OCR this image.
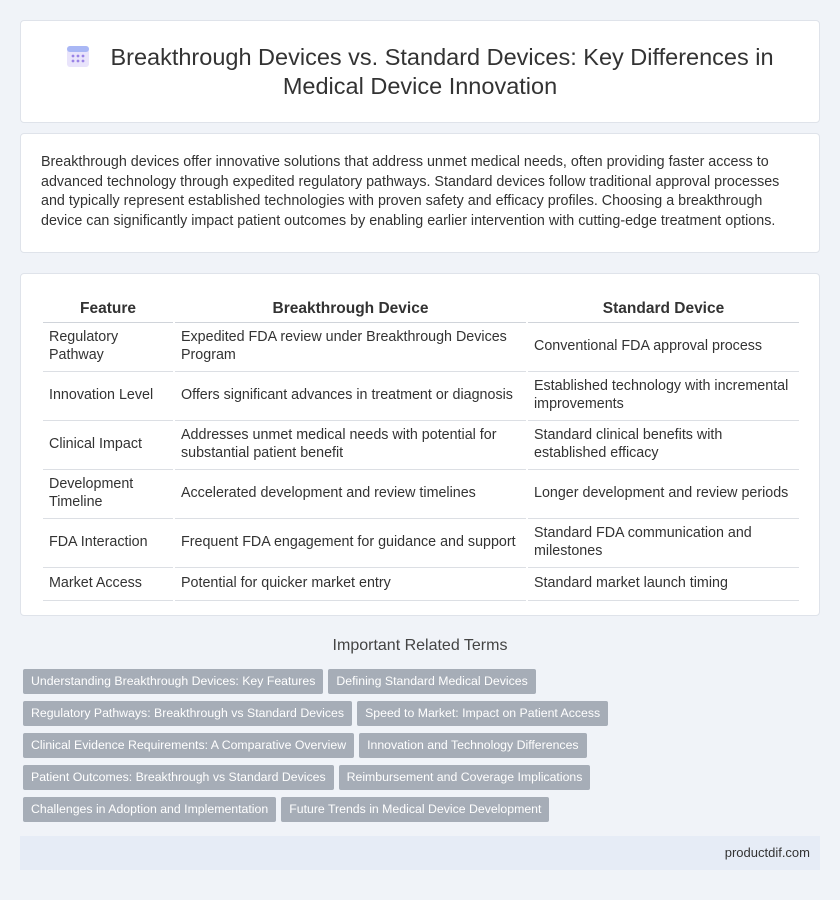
Breakthrough Devices vs. Standard Devices: Key Differences in Medical Device Innovation

Breakthrough devices offer innovative solutions that address unmet medical needs, often providing faster access to advanced technology through expedited regulatory pathways. Standard devices follow traditional approval processes and typically represent established technologies with proven safety and efficacy profiles. Choosing a breakthrough device can significantly impact patient outcomes by enabling earlier intervention with cutting-edge treatment options.

Feature	Breakthrough Device	Standard Device
Regulatory Pathway	Expedited FDA review under Breakthrough Devices Program	Conventional FDA approval process
Innovation Level	Offers significant advances in treatment or diagnosis	Established technology with incremental improvements
Clinical Impact	Addresses unmet medical needs with potential for substantial patient benefit	Standard clinical benefits with established efficacy
Development Timeline	Accelerated development and review timelines	Longer development and review periods
FDA Interaction	Frequent FDA engagement for guidance and support	Standard FDA communication and milestones
Market Access	Potential for quicker market entry	Standard market launch timing
Important Related Terms
Understanding Breakthrough Devices: Key Features Defining Standard Medical Devices
Regulatory Pathways: Breakthrough vs Standard Devices Speed to Market: Impact on Patient Access
Clinical Evidence Requirements: A Comparative Overview Innovation and Technology Differences
Patient Outcomes: Breakthrough vs Standard Devices Reimbursement and Coverage Implications
Challenges in Adoption and Implementation Future Trends in Medical Device Development
productdif.com
